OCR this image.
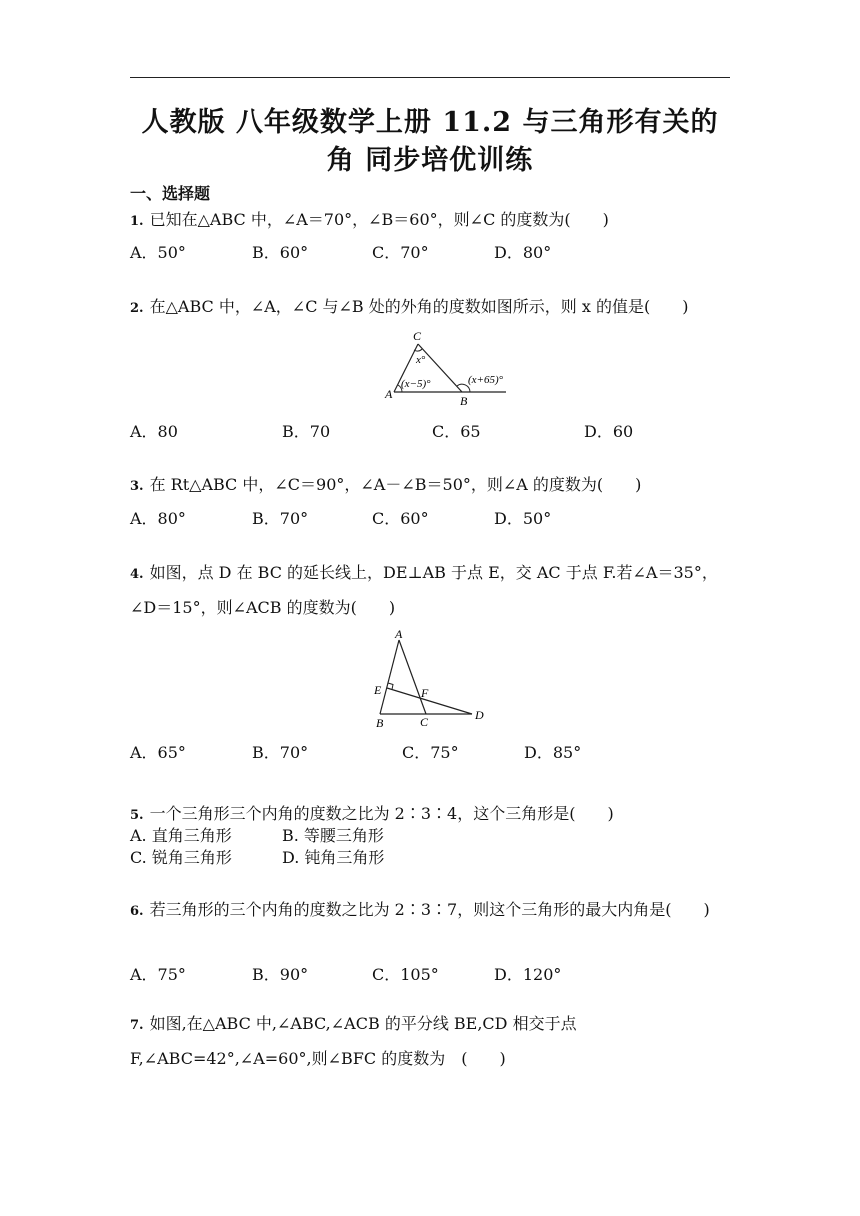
人教版 八年级数学上册 11.2 与三角形有关的
角 同步培优训练
一、选择题
1. 已知在△ABC 中，∠A＝70°，∠B＝60°，则∠C 的度数为(　　)
A．50°	B．60°	C．70°	D．80°
2. 在△ABC 中，∠A，∠C 与∠B 处的外角的度数如图所示，则 x 的值是(　　)
C
x°
A
(x−5)°
B
(x+65)°
A．80	B．70	C．65	D．60
3. 在 Rt△ABC 中，∠C＝90°，∠A－∠B＝50°，则∠A 的度数为(　　)
A．80°	B．70°	C．60°	D．50°
4. 如图，点 D 在 BC 的延长线上，DE⊥AB 于点 E，交 AC 于点 F.若∠A＝35°，∠D＝15°，则∠ACB 的度数为(　　)
A
E	F
B	C	D
A．65°	B．70°	C．75°	D．85°
5. 一个三角形三个内角的度数之比为 2∶3∶4，这个三角形是(　　)
A. 直角三角形	B. 等腰三角形
C. 锐角三角形	D. 钝角三角形
6. 若三角形的三个内角的度数之比为 2∶3∶7，则这个三角形的最大内角是(　　)
A．75°	B．90°	C．105°	D．120°
7. 如图,在△ABC 中,∠ABC,∠ACB 的平分线 BE,CD 相交于点 F,∠ABC=42°,∠A=60°,则∠BFC 的度数为　(　　)
